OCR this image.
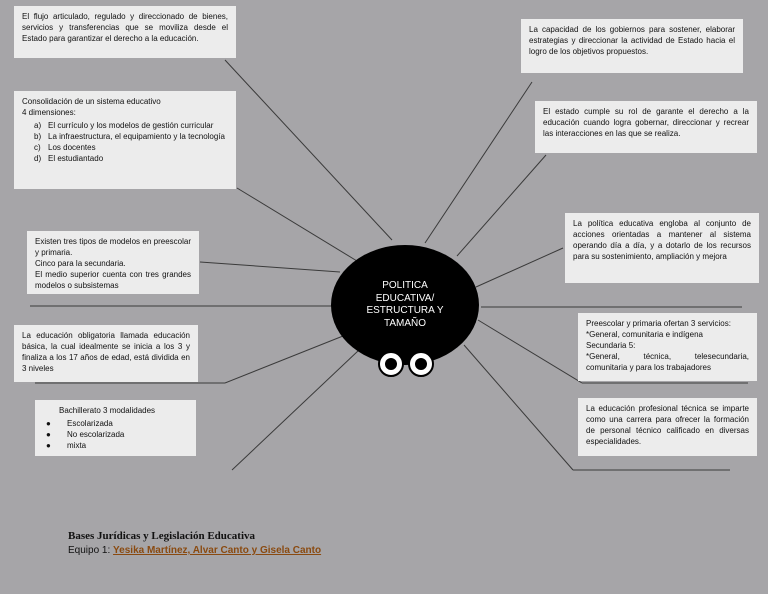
El flujo articulado, regulado y direccionado de bienes, servicios y transferencias que se moviliza desde el Estado para garantizar el derecho a la educación.
Consolidación de un sistema educativo
4 dimensiones:
a) El currículo y los modelos de gestión curricular
b) La infraestructura, el equipamiento y la tecnología
c) Los docentes
d) El estudiantado
Existen tres tipos de modelos en preescolar y primaria.
Cinco para la secundaria.
El medio superior cuenta con tres grandes modelos o subsistemas
La educación obligatoria llamada educación básica, la cual idealmente se inicia a los 3 y finaliza a los 17 años de edad, está dividida en 3 niveles
Bachillerato 3 modalidades
● Escolarizada
● No escolarizada
● mixta
La capacidad de los gobiernos para sostener, elaborar estrategias y direccionar la actividad de Estado hacia el logro de los objetivos propuestos.
El estado cumple su rol de garante el derecho a la educación cuando logra gobernar, direccionar y recrear las interacciones en las que se realiza.
La política educativa engloba al conjunto de acciones orientadas a mantener al sistema operando día a día, y a dotarlo de los recursos para su sostenimiento, ampliación y mejora
Preescolar y primaria ofertan 3 servicios:
*General, comunitaria e indígena
Secundaria 5:
*General, técnica, telesecundaria, comunitaria y para los trabajadores
La educación profesional técnica se imparte como una carrera para ofrecer la formación de personal técnico calificado en diversas especialidades.
POLITICA
EDUCATIVA/
ESTRUCTURA Y
TAMAÑO
Bases Jurídicas y Legislación Educativa
Equipo 1: Yesika Martínez, Alvar Canto y Gisela Canto
